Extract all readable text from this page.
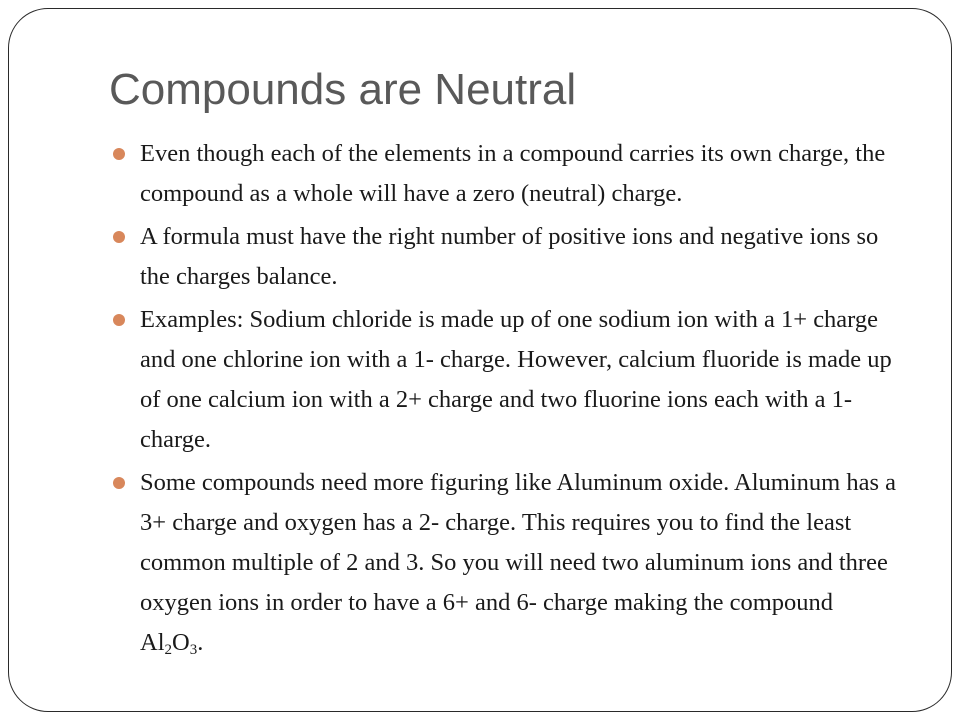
Compounds are Neutral
Even though each of the elements in a compound carries its own charge, the compound as a whole will have a zero (neutral) charge.
A formula must have the right number of positive ions and negative ions so the charges balance.
Examples: Sodium chloride is made up of one sodium ion with a 1+ charge and one chlorine ion with a 1- charge. However, calcium fluoride is made up of one calcium ion with a 2+ charge and two fluorine ions each with a 1- charge.
Some compounds need more figuring like Aluminum oxide. Aluminum has a 3+ charge and oxygen has a 2- charge. This requires you to find the least common multiple of 2 and 3. So you will need two aluminum ions and three oxygen ions in order to have a 6+ and 6- charge making the compound $Al_2O_3$.
